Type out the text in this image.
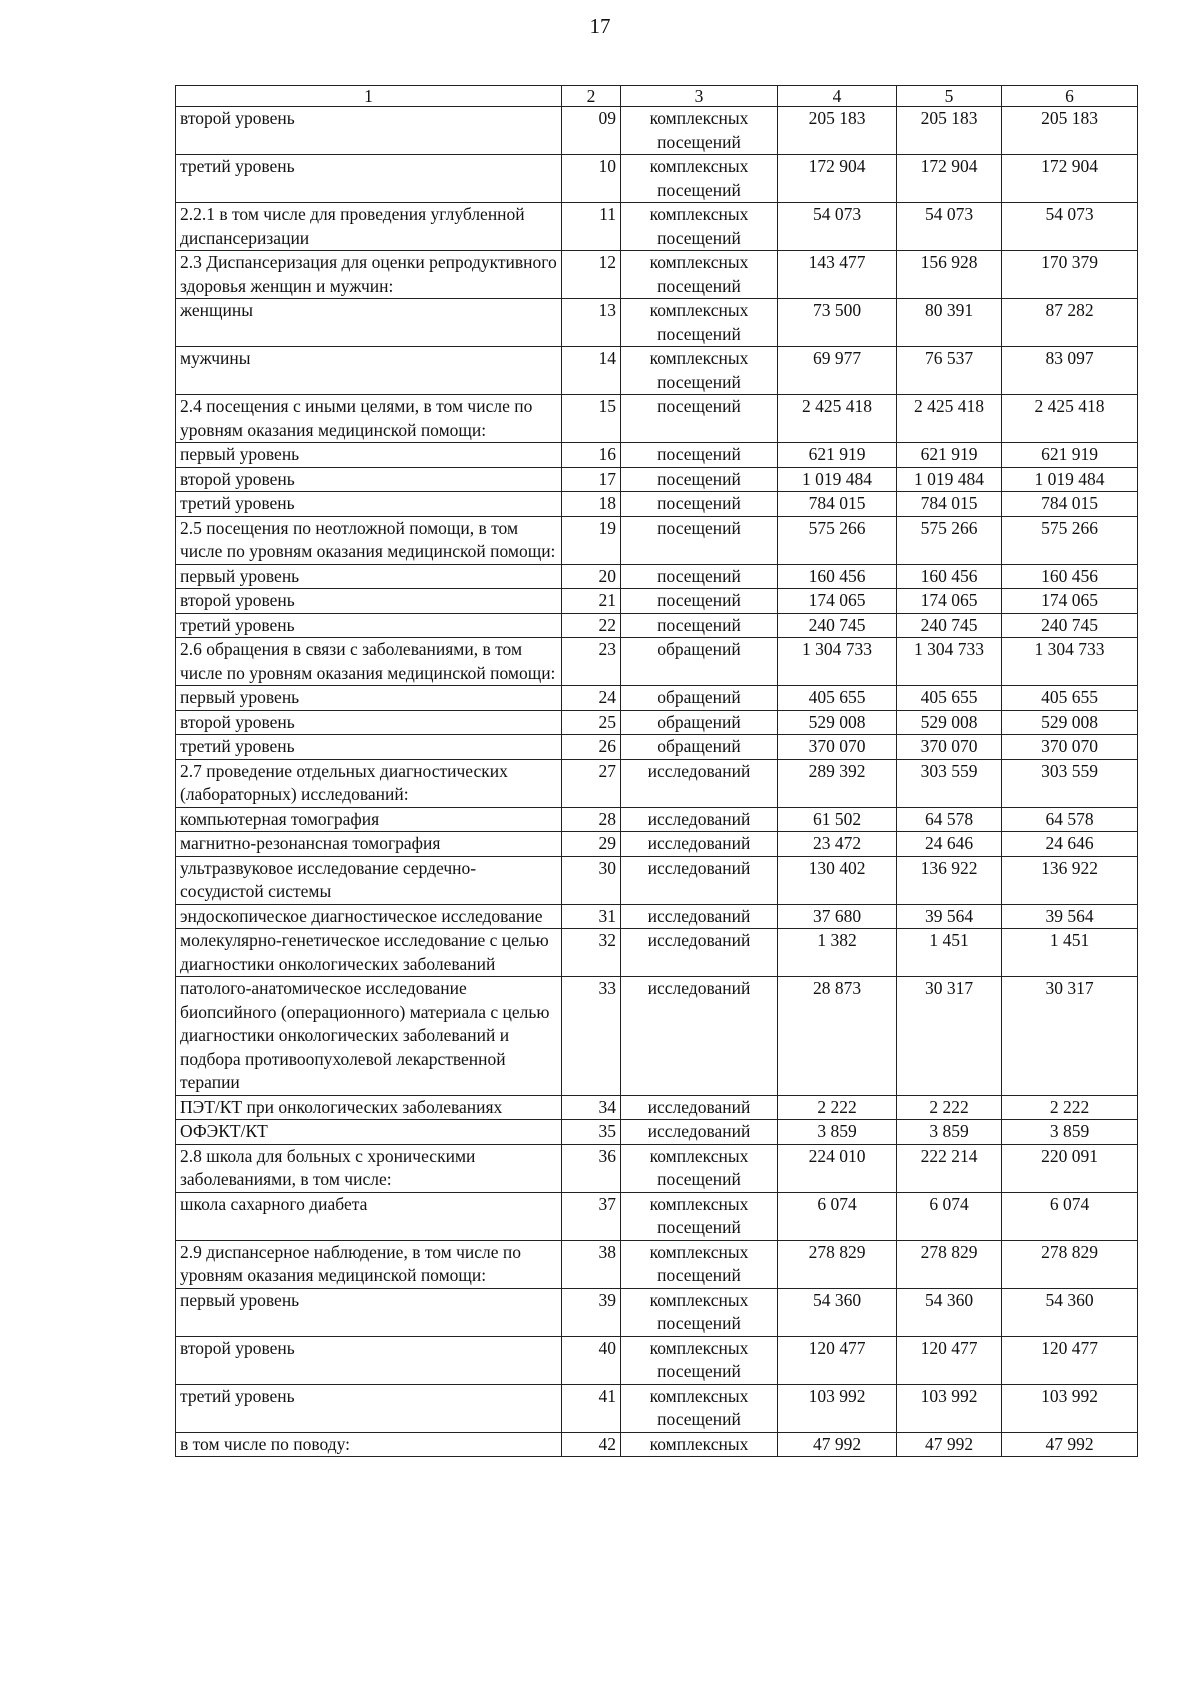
17
1	2	3	4	5	6
второй уровень	09	комплексных посещений	205 183	205 183	205 183
третий уровень	10	комплексных посещений	172 904	172 904	172 904
2.2.1 в том числе для проведения углубленной диспансеризации	11	комплексных посещений	54 073	54 073	54 073
2.3 Диспансеризация для оценки репродуктивного здоровья женщин и мужчин:	12	комплексных посещений	143 477	156 928	170 379
женщины	13	комплексных посещений	73 500	80 391	87 282
мужчины	14	комплексных посещений	69 977	76 537	83 097
2.4 посещения с иными целями, в том числе по уровням оказания медицинской помощи:	15	посещений	2 425 418	2 425 418	2 425 418
первый уровень	16	посещений	621 919	621 919	621 919
второй уровень	17	посещений	1 019 484	1 019 484	1 019 484
третий уровень	18	посещений	784 015	784 015	784 015
2.5 посещения по неотложной помощи, в том числе по уровням оказания медицинской помощи:	19	посещений	575 266	575 266	575 266
первый уровень	20	посещений	160 456	160 456	160 456
второй уровень	21	посещений	174 065	174 065	174 065
третий уровень	22	посещений	240 745	240 745	240 745
2.6 обращения в связи с заболеваниями, в том числе по уровням оказания медицинской помощи:	23	обращений	1 304 733	1 304 733	1 304 733
первый уровень	24	обращений	405 655	405 655	405 655
второй уровень	25	обращений	529 008	529 008	529 008
третий уровень	26	обращений	370 070	370 070	370 070
2.7 проведение отдельных диагностических (лабораторных) исследований:	27	исследований	289 392	303 559	303 559
компьютерная томография	28	исследований	61 502	64 578	64 578
магнитно-резонансная томография	29	исследований	23 472	24 646	24 646
ультразвуковое исследование сердечно-сосудистой системы	30	исследований	130 402	136 922	136 922
эндоскопическое диагностическое исследование	31	исследований	37 680	39 564	39 564
молекулярно-генетическое исследование с целью диагностики онкологических заболеваний	32	исследований	1 382	1 451	1 451
патолого-анатомическое исследование биопсийного (операционного) материала с целью диагностики онкологических заболеваний и подбора противоопухолевой лекарственной терапии	33	исследований	28 873	30 317	30 317
ПЭТ/КТ при онкологических заболеваниях	34	исследований	2 222	2 222	2 222
ОФЭКТ/КТ	35	исследований	3 859	3 859	3 859
2.8 школа для больных с хроническими заболеваниями, в том числе:	36	комплексных посещений	224 010	222 214	220 091
школа сахарного диабета	37	комплексных посещений	6 074	6 074	6 074
2.9 диспансерное наблюдение, в том числе по уровням оказания медицинской помощи:	38	комплексных посещений	278 829	278 829	278 829
первый уровень	39	комплексных посещений	54 360	54 360	54 360
второй уровень	40	комплексных посещений	120 477	120 477	120 477
третий уровень	41	комплексных посещений	103 992	103 992	103 992
в том числе по поводу:	42	комплексных	47 992	47 992	47 992
